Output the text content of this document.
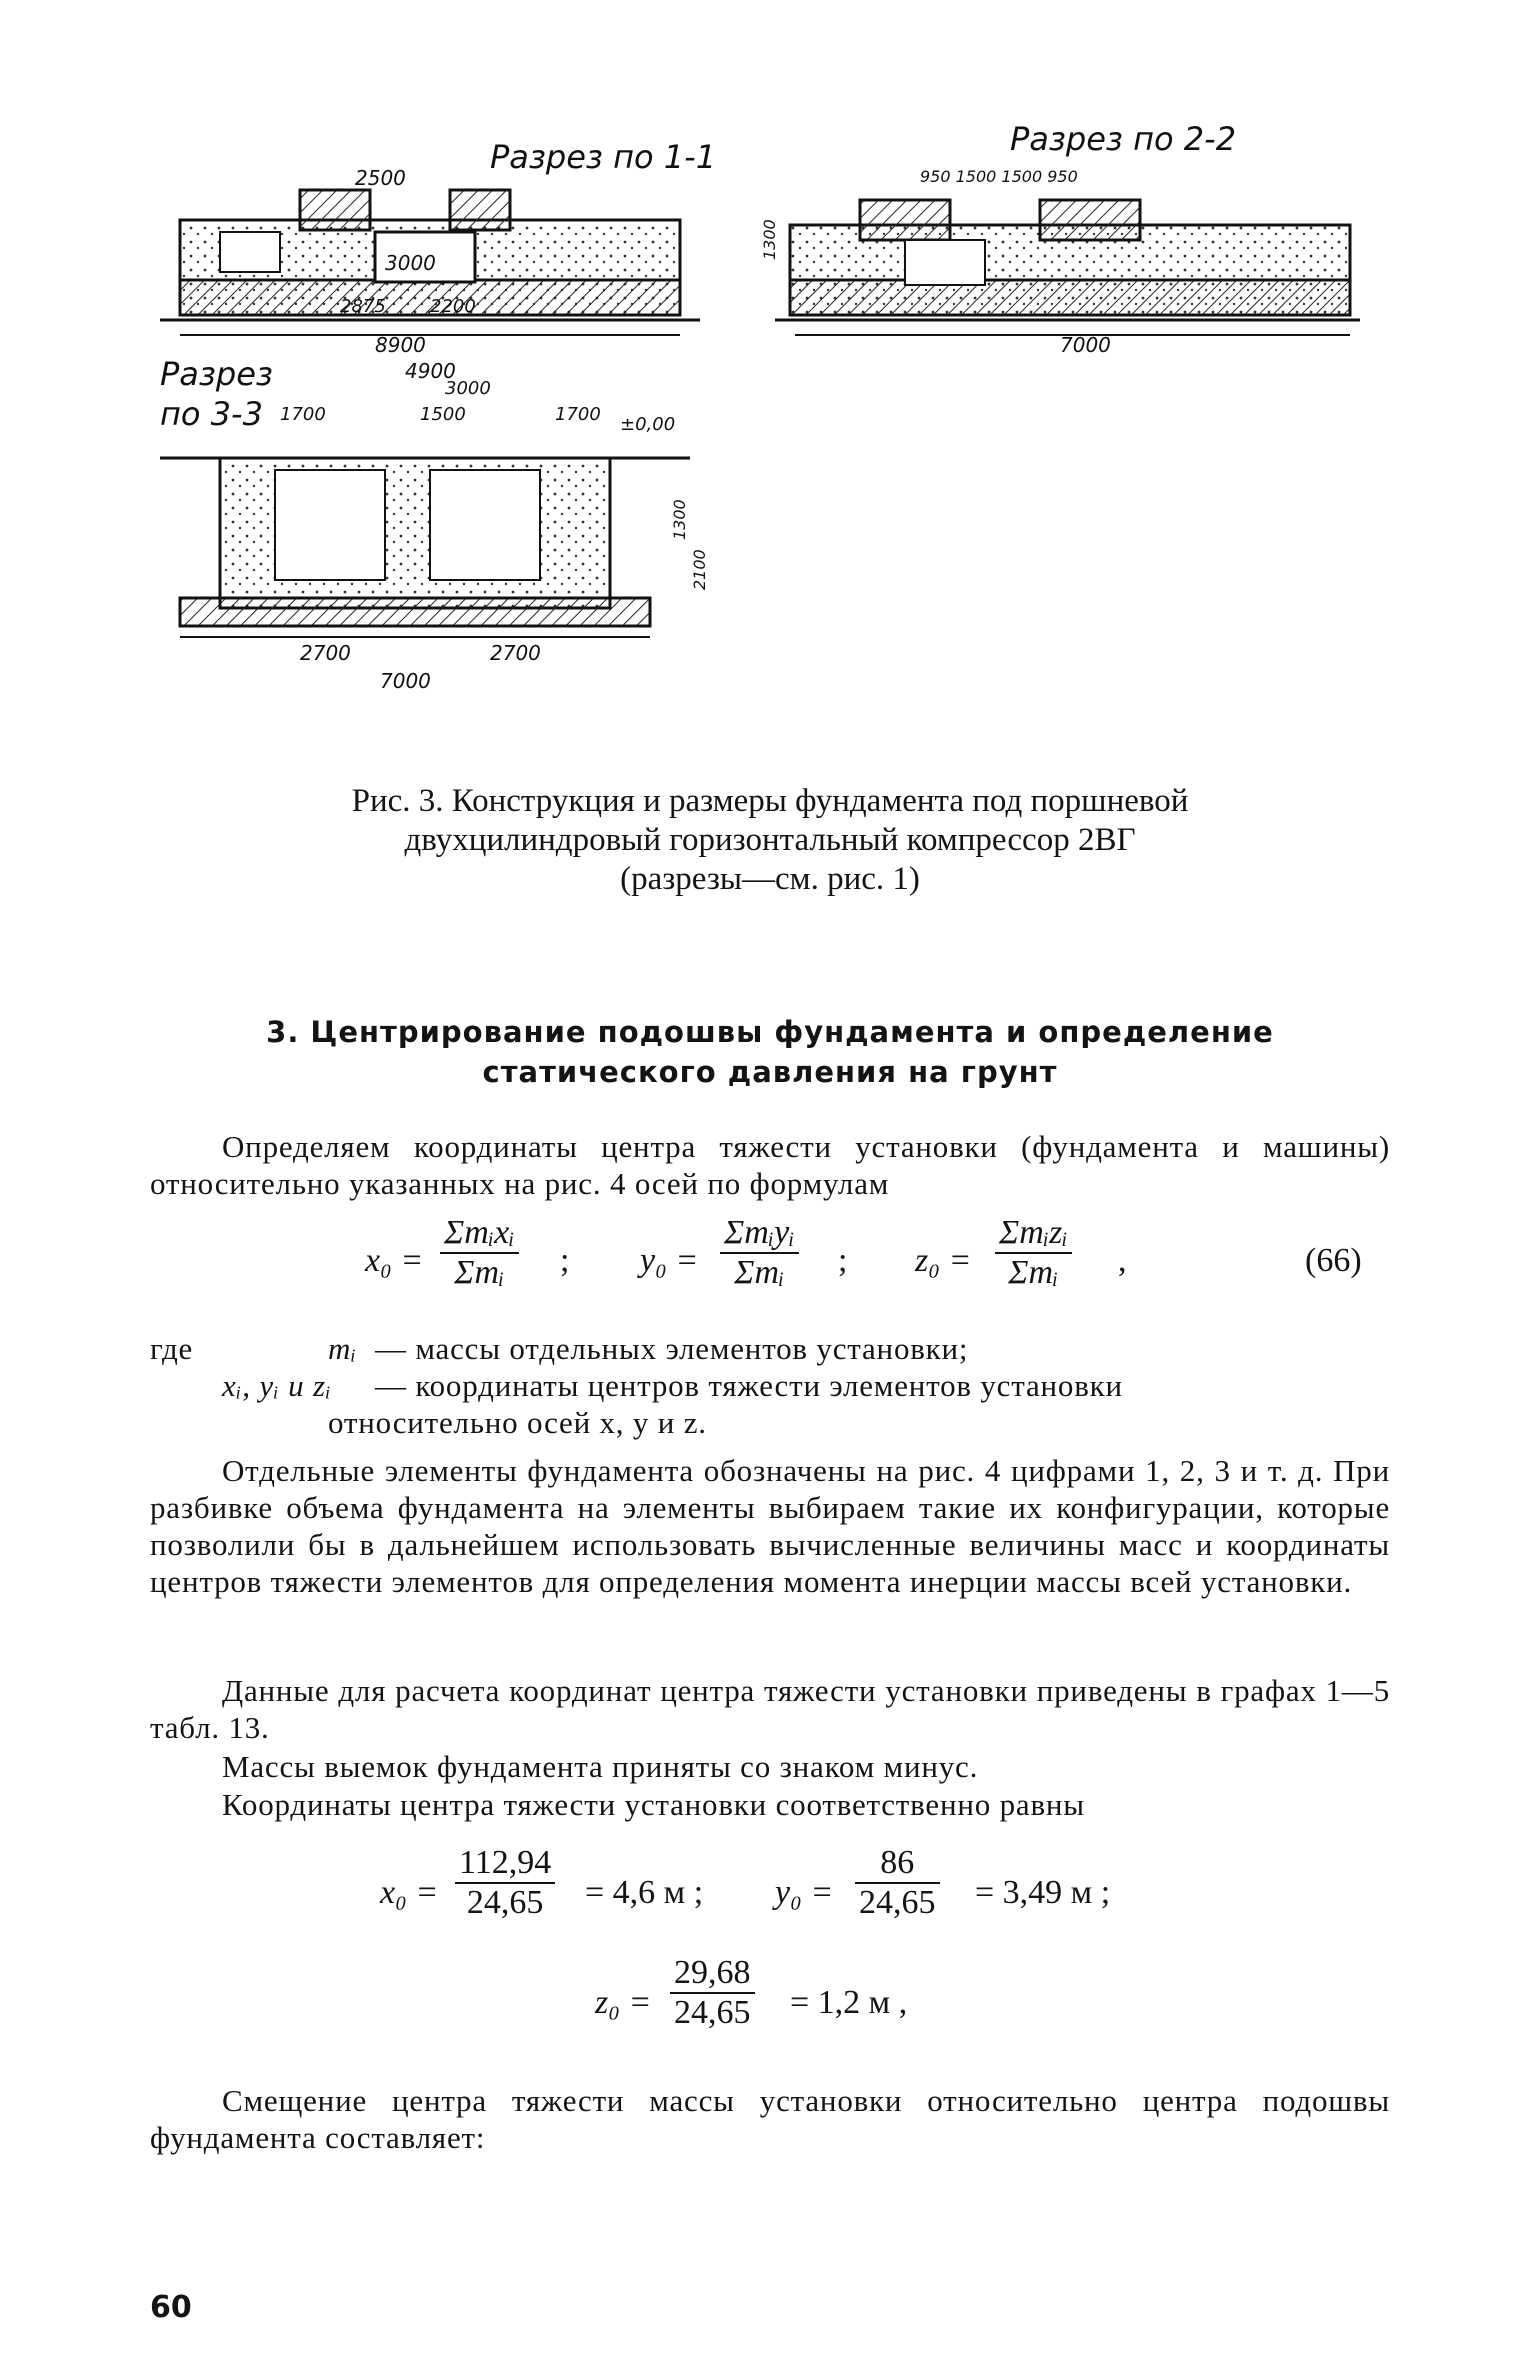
Разрез по 1-1
2500
3000
2875 2200
8900
Разрез по 2-2
950 1500 1500 950
1300
7000
Разрез
по 3-3
4900
3000
1700	1500	1700 ±0,00
2700	2700
7000
1300
2100
Рис. 3. Конструкция и размеры фундамента под поршневой
двухцилиндровый горизонтальный компрессор 2ВГ
(разрезы—см. рис. 1)
3. Центрирование подошвы фундамента и определение
статического давления на грунт
Определяем координаты центра тяжести установки (фундамента и машины) относительно указанных на рис. 4 осей по формулам
x₀ =
Σmᵢxᵢ
Σmᵢ	; y₀ =
Σmᵢyᵢ
Σmᵢ	; z₀ =
Σmᵢzᵢ
Σmᵢ	,	(66)
где	mᵢ — массы отдельных элементов установки;
xᵢ, yᵢ и zᵢ — координаты центров тяжести элементов установки
относительно осей x, y и z.
Отдельные элементы фундамента обозначены на рис. 4 цифрами 1, 2, 3 и т. д. При разбивке объема фундамента на элементы выбираем такие их конфигурации, которые позволили бы в дальнейшем использовать вычисленные величины масс и координаты центров тяжести элементов для определения момента инерции массы всей установки.
Данные для расчета координат центра тяжести установки приведены в графах 1—5 табл. 13.
Массы выемок фундамента приняты со знаком минус.
Координаты центра тяжести установки соответственно равны
$x_0 = \frac{112,94}{24,65} = 4,6$ м ; $y_0 = \frac{86}{24,65} = 3,49$ м ;
$z_0 = \frac{29,68}{24,65} = 1,2$ м ,
Смещение центра тяжести массы установки относительно центра подошвы фундамента составляет:
60
